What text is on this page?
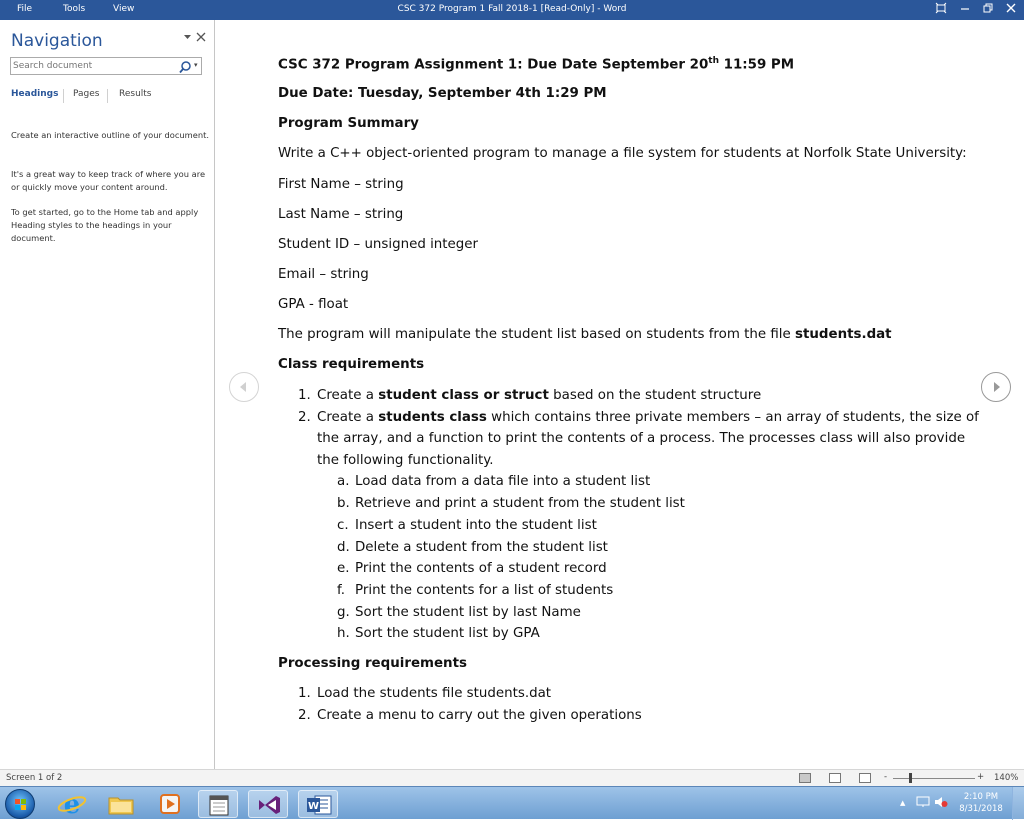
File	Tools	View	CSC 372 Program 1 Fall 2018-1 [Read-Only] - Word
Navigation
Search document
▾
Headings Pages Results
Create an interactive outline of your document.
It's a great way to keep track of where you are or quickly move your content around.
To get started, go to the Home tab and apply Heading styles to the headings in your document.
CSC 372 Program Assignment 1: Due Date September 20th 11:59 PM
Due Date: Tuesday, September 4th 1:29 PM
Program Summary
Write a C++ object-oriented program to manage a file system for students at Norfolk State University:
First Name – string
Last Name – string
Student ID – unsigned integer
Email – string
GPA - float
The program will manipulate the student list based on students from the file students.dat
Class requirements
1. Create a student class or struct based on the student structure
2. Create a students class which contains three private members – an array of students, the size of
the array, and a function to print the contents of a process. The processes class will also provide
the following functionality.
a. Load data from a data file into a student list
b. Retrieve and print a student from the student list
c. Insert a student into the student list
d. Delete a student from the student list
e. Print the contents of a student record
f. Print the contents for a list of students
g. Sort the student list by last Name
h. Sort the student list by GPA
Processing requirements
1. Load the students file students.dat
2. Create a menu to carry out the given operations
Screen 1 of 2	-	+ 140%
e	W	▲
2:10 PM
8/31/2018
